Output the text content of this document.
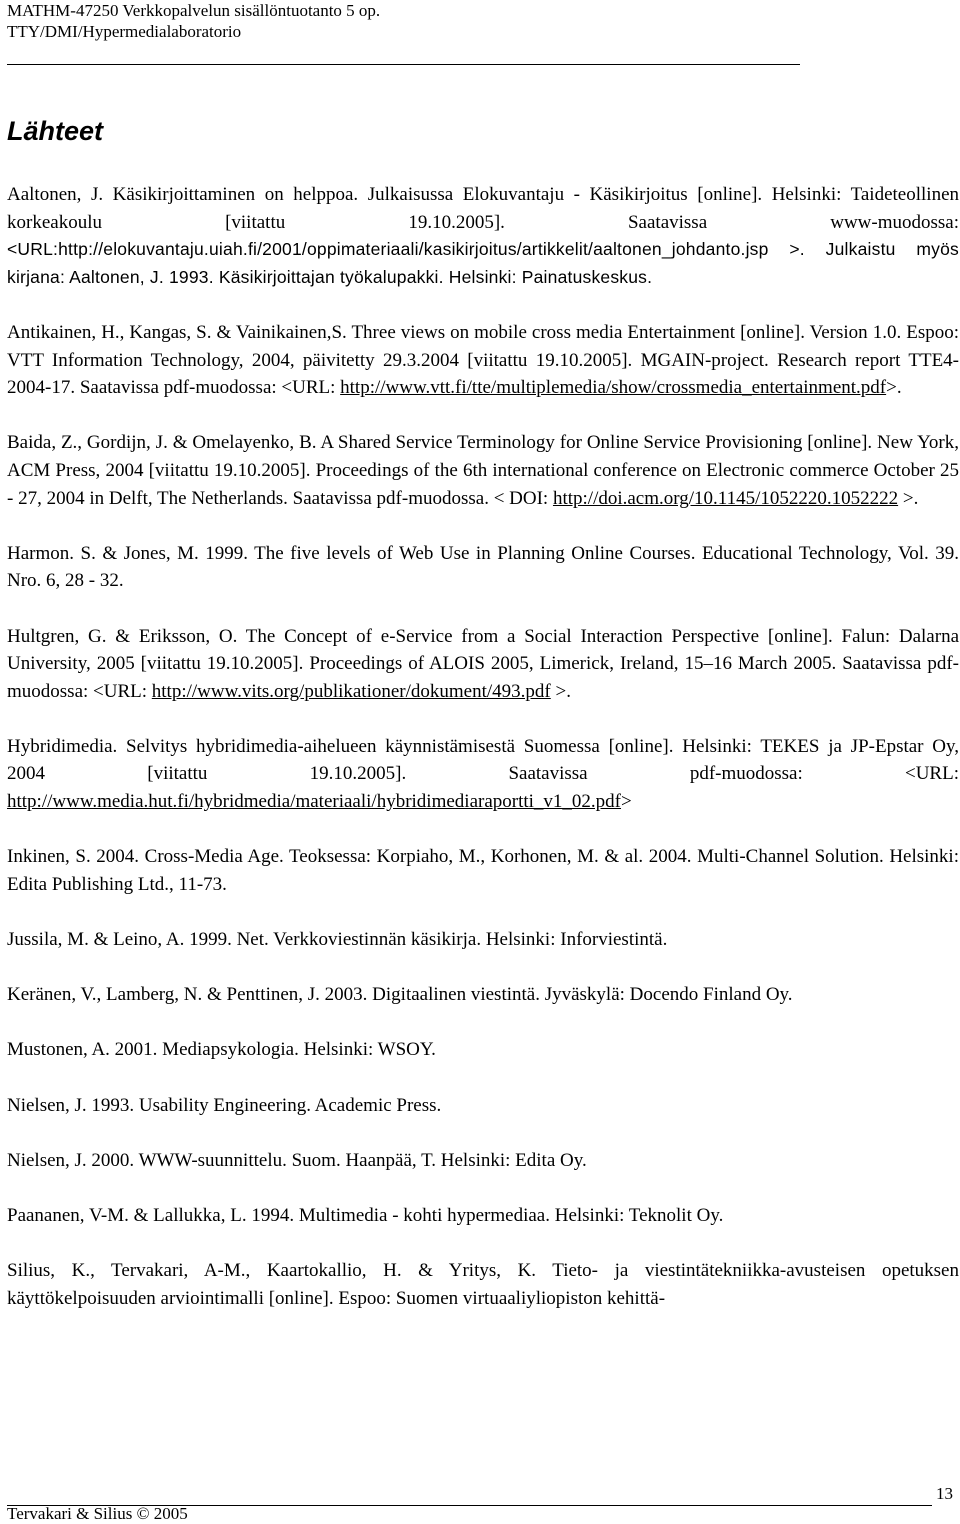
MATHM-47250 Verkkopalvelun sisällöntuotanto 5 op.
TTY/DMI/Hypermedialaboratorio
Lähteet

Aaltonen, J. Käsikirjoittaminen on helppoa. Julkaisussa Elokuvantaju - Käsikirjoitus [online]. Helsinki: Taideteollinen korkeakoulu [viitattu 19.10.2005]. Saatavissa www-muodossa: <URL:http://elokuvantaju.uiah.fi/2001/oppimateriaali/kasikirjoitus/artikkelit/aaltonen_johdanto.jsp >. Julkaistu myös kirjana: Aaltonen, J. 1993. Käsikirjoittajan työkalupakki. Helsinki: Painatuskeskus.

Antikainen, H., Kangas, S. & Vainikainen,S. Three views on mobile cross media Entertainment [online]. Version 1.0. Espoo: VTT Information Technology, 2004, päivitetty 29.3.2004 [viitattu 19.10.2005]. MGAIN-project. Research report TTE4-2004-17. Saatavissa pdf-muodossa: <URL: http://www.vtt.fi/tte/multiplemedia/show/crossmedia_entertainment.pdf>.

Baida, Z., Gordijn, J. & Omelayenko, B. A Shared Service Terminology for Online Service Provisioning [online]. New York, ACM Press, 2004 [viitattu 19.10.2005]. Proceedings of the 6th international conference on Electronic commerce October 25 - 27, 2004 in Delft, The Netherlands. Saatavissa pdf-muodossa. < DOI: http://doi.acm.org/10.1145/1052220.1052222 >.

Harmon. S. & Jones, M. 1999. The five levels of Web Use in Planning Online Courses. Educational Technology, Vol. 39. Nro. 6, 28 - 32.

Hultgren, G. & Eriksson, O. The Concept of e-Service from a Social Interaction Perspective [online]. Falun: Dalarna University, 2005 [viitattu 19.10.2005]. Proceedings of ALOIS 2005, Limerick, Ireland, 15–16 March 2005. Saatavissa pdf-muodossa: <URL: http://www.vits.org/publikationer/dokument/493.pdf >.

Hybridimedia. Selvitys hybridimedia-aihelueen käynnistämisestä Suomessa [online]. Helsinki: TEKES ja JP-Epstar Oy, 2004 [viitattu 19.10.2005]. Saatavissa pdf-muodossa: <URL: http://www.media.hut.fi/hybridmedia/materiaali/hybridimediaraportti_v1_02.pdf>

Inkinen, S. 2004. Cross-Media Age. Teoksessa: Korpiaho, M., Korhonen, M. & al. 2004. Multi-Channel Solution. Helsinki: Edita Publishing Ltd., 11-73.

Jussila, M. & Leino, A. 1999. Net. Verkkoviestinnän käsikirja. Helsinki: Inforviestintä.

Keränen, V., Lamberg, N. & Penttinen, J. 2003. Digitaalinen viestintä. Jyväskylä: Docendo Finland Oy.

Mustonen, A. 2001. Mediapsykologia. Helsinki: WSOY.

Nielsen, J. 1993. Usability Engineering. Academic Press.

Nielsen, J. 2000. WWW-suunnittelu. Suom. Haanpää, T. Helsinki: Edita Oy.

Paananen, V-M. & Lallukka, L. 1994. Multimedia - kohti hypermediaa. Helsinki: Teknolit Oy.

Silius, K., Tervakari, A-M., Kaartokallio, H. & Yritys, K. Tieto- ja viestintätekniikka-avusteisen opetuksen käyttökelpoisuuden arviointimalli [online]. Espoo: Suomen virtuaaliyliopiston kehittä-

13
Tervakari & Silius © 2005
